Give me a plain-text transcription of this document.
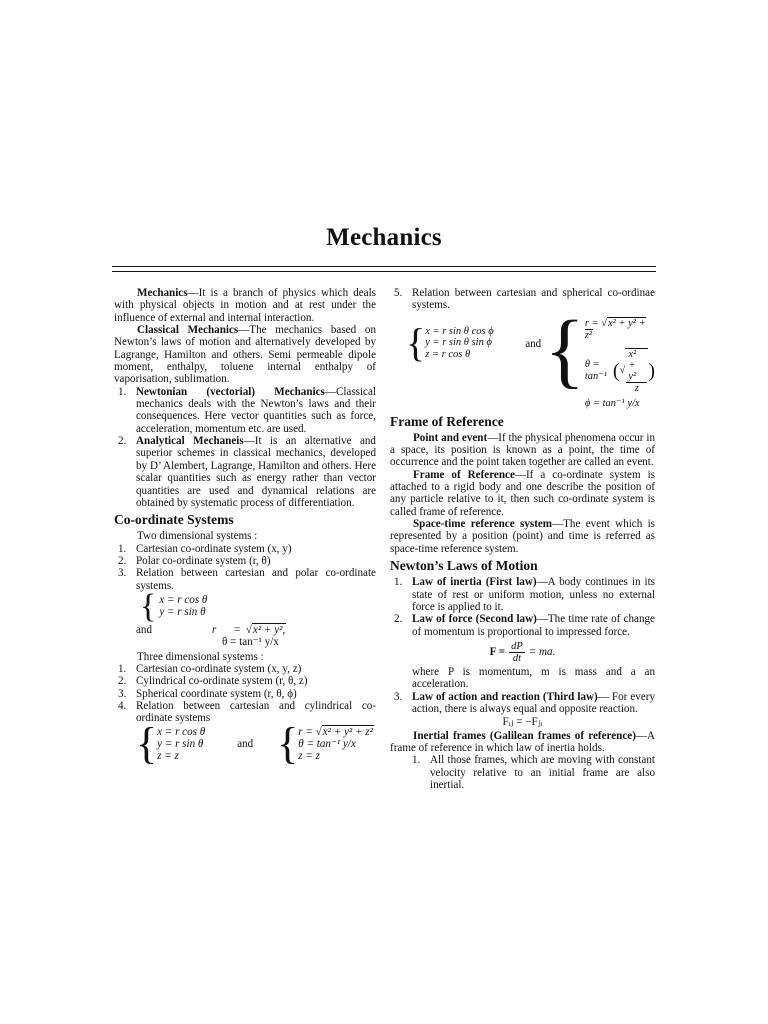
Mechanics

Mechanics—It is a branch of physics which deals with physical objects in motion and at rest under the influence of external and internal interaction.

Classical Mechanics—The mechanics based on Newton’s laws of motion and alternatively developed by Lagrange, Hamilton and others. Semi permeable dipole moment, enthalpy, toluene internal enthalpy of vaporisation, sublimation.

1. Newtonian (vectorial) Mechanics—Classical mechanics deals with the Newton’s laws and their consequences. Here vector quantities such as force, acceleration, momentum etc. are used.
2. Analytical Mechaneis—It is an alternative and superior schemes in classical mechanics, developed by D’ Alembert, Lagrange, Hamilton and others. Here scalar quantities such as energy rather than vector quantities are used and dynamical relations are obtained by systematic process of differentiation.
Co-ordinate Systems

Two dimensional systems :

1. Cartesian co-ordinate system (x, y)
2. Polar co-ordinate system (r, θ)
3. Relation between cartesian and polar co-ordinate systems.
{ x = r cos θ
y = r sin θ
and	r =  √x² + y²,
θ = tan⁻¹ y/x

Three dimensional systems :

1. Cartesian co-ordinate system (x, y, z)
2. Cylindrical co-ordinate system (r, θ, z)
3. Spherical coordinate system (r, θ, ϕ)
4. Relation between cartesian and cylindrical co-ordinate systems
{ x = r cos θ
y = r sin θ
z = z
and { r = √x² + y² + z²
θ = tan⁻¹ y/x
z = z
5. Relation between cartesian and spherical co-ordinae systems.
{ x = r sin θ cos ϕ
y = r sin θ sin ϕ
z = r cos θ
and { r = √x² + y² + z²
θ = tan⁻¹ ( √ $\frac{\text{x² + y²}}{z}$ )
ϕ = tan⁻¹ y/x
Frame of Reference

Point and event—If the physical phenomena occur in a space, its position is known as a point, the time of occurrence and the point taken together are called an event.

Frame of Reference—If a co-ordinate system is attached to a rigid body and one describe the position of any particle relative to it, then such co-ordinate system is called frame of reference.

Space-time reference system—The event which is represented by a position (point) and time is referred as space-time reference system.

Newton’s Laws of Motion
1. Law of inertia (First law)—A body continues in its state of rest or uniform motion, unless no external force is applied to it.
2. Law of force (Second law)—The time rate of change of momentum is proportional to impressed force.
$F = \frac{dP}{dt}$ = ma.

where P is momentum, m is mass and a an acceleration.

3. Law of action and reaction (Third law)— For every action, there is always equal and opposite reaction.
Fᵢⱼ = −Fⱼᵢ

Inertial frames (Galilean frames of reference)—A frame of reference in which law of inertia holds.

1. All those frames, which are moving with constant velocity relative to an initial frame are also inertial.
